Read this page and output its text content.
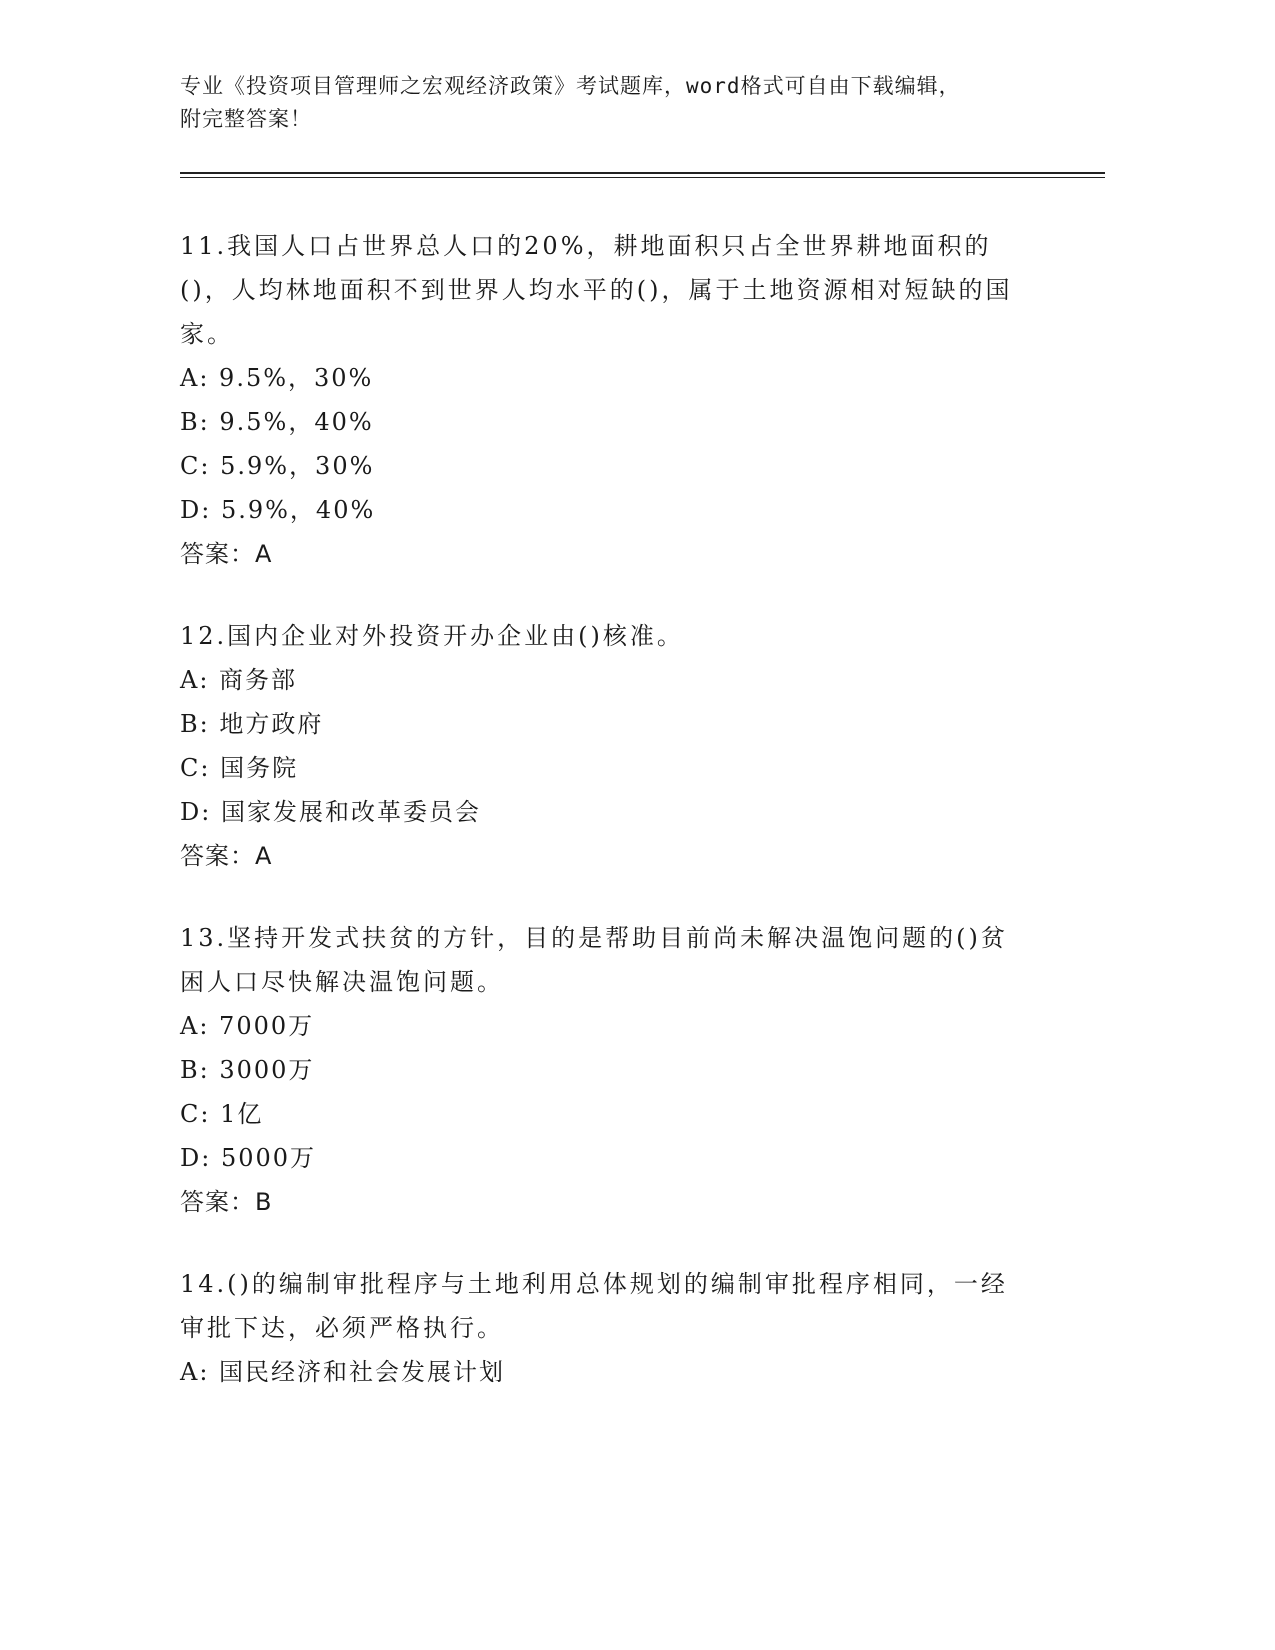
专业《投资项目管理师之宏观经济政策》考试题库，word格式可自由下载编辑，

附完整答案！

11.我国人口占世界总人口的20%，耕地面积只占全世界耕地面积的()，人均林地面积不到世界人均水平的()，属于土地资源相对短缺的国家。

A: 9.5%，30%

B: 9.5%，40%

C: 5.9%，30%

D: 5.9%，40%

答案：A

12.国内企业对外投资开办企业由()核准。

A: 商务部

B: 地方政府

C: 国务院

D: 国家发展和改革委员会

答案：A

13.坚持开发式扶贫的方针，目的是帮助目前尚未解决温饱问题的()贫困人口尽快解决温饱问题。

A: 7000万

B: 3000万

C: 1亿

D: 5000万

答案：B

14.()的编制审批程序与土地利用总体规划的编制审批程序相同，一经审批下达，必须严格执行。

A: 国民经济和社会发展计划
